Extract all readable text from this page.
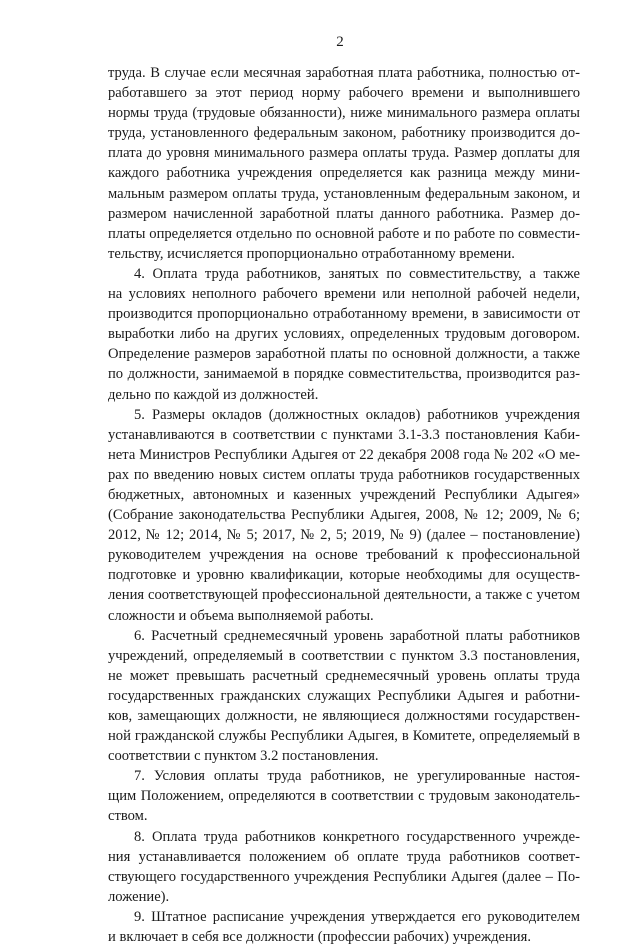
2

труда. В случае если месячная заработная плата работника, полностью от-
работавшего за этот период норму рабочего времени и выполнившего
нормы труда (трудовые обязанности), ниже минимального размера оплаты
труда, установленного федеральным законом, работнику производится до-
плата до уровня минимального размера оплаты труда. Размер доплаты для
каждого работника учреждения определяется как разница между мини-
мальным размером оплаты труда, установленным федеральным законом, и
размером начисленной заработной платы данного работника. Размер до-
платы определяется отдельно по основной работе и по работе по совмести-
тельству, исчисляется пропорционально отработанному времени.

4. Оплата труда работников, занятых по совместительству, а также
на условиях неполного рабочего времени или неполной рабочей недели,
производится пропорционально отработанному времени, в зависимости от
выработки либо на других условиях, определенных трудовым договором.
Определение размеров заработной платы по основной должности, а также
по должности, занимаемой в порядке совместительства, производится раз-
дельно по каждой из должностей.

5. Размеры окладов (должностных окладов) работников учреждения
устанавливаются в соответствии с пунктами 3.1-3.3 постановления Каби-
нета Министров Республики Адыгея от 22 декабря 2008 года № 202 «О ме-
рах по введению новых систем оплаты труда работников государственных
бюджетных, автономных и казенных учреждений Республики Адыгея»
(Собрание законодательства Республики Адыгея, 2008, № 12; 2009, № 6;
2012, № 12; 2014, № 5; 2017, № 2, 5; 2019, № 9) (далее – постановление)
руководителем учреждения на основе требований к профессиональной
подготовке и уровню квалификации, которые необходимы для осуществ-
ления соответствующей профессиональной деятельности, а также с учетом
сложности и объема выполняемой работы.

6. Расчетный среднемесячный уровень заработной платы работников
учреждений, определяемый в соответствии с пунктом 3.3 постановления,
не может превышать расчетный среднемесячный уровень оплаты труда
государственных гражданских служащих Республики Адыгея и работни-
ков, замещающих должности, не являющиеся должностями государствен-
ной гражданской службы Республики Адыгея, в Комитете, определяемый в
соответствии с пунктом 3.2 постановления.

7. Условия оплаты труда работников, не урегулированные настоя-
щим Положением, определяются в соответствии с трудовым законодатель-
ством.

8. Оплата труда работников конкретного государственного учрежде-
ния устанавливается положением об оплате труда работников соответ-
ствующего государственного учреждения Республики Адыгея (далее – По-
ложение).

9. Штатное расписание учреждения утверждается его руководителем
и включает в себя все должности (профессии рабочих) учреждения.
